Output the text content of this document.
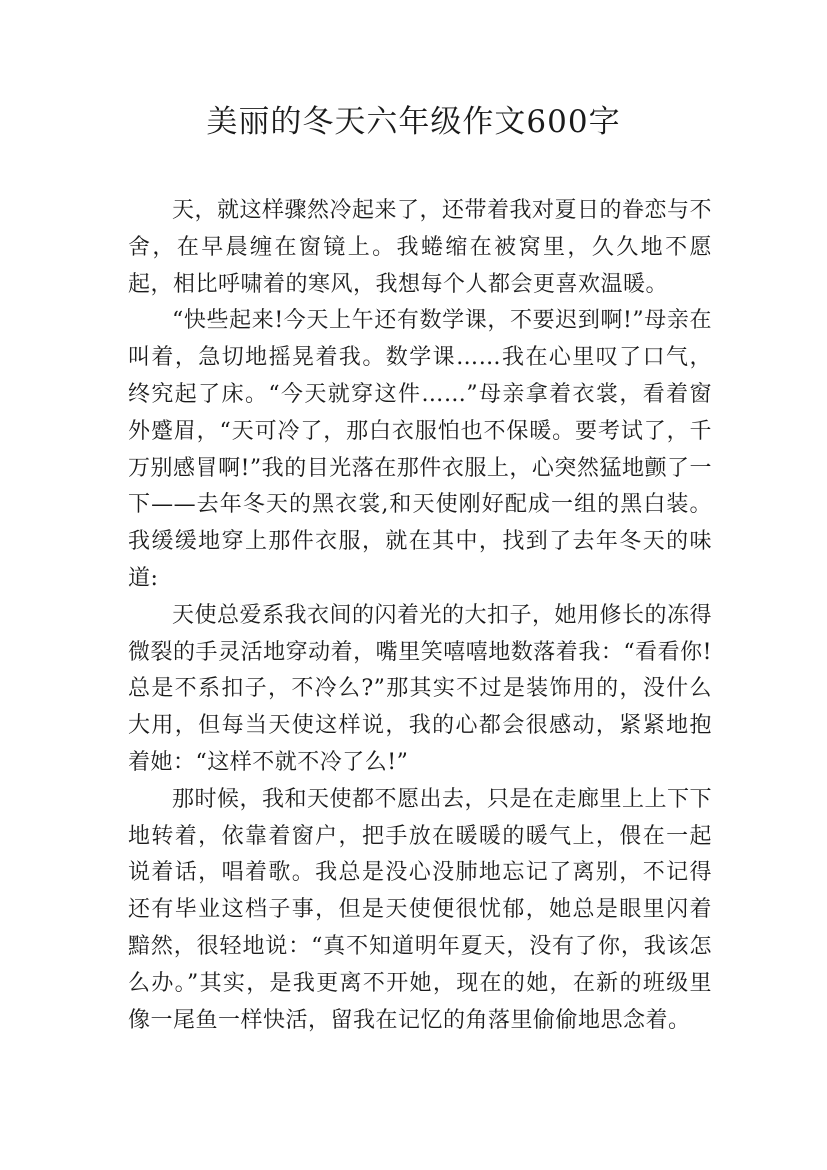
美丽的冬天六年级作文600字

天，就这样骤然冷起来了，还带着我对夏日的眷恋与不舍，在早晨缠在窗镜上。我蜷缩在被窝里，久久地不愿起，相比呼啸着的寒风，我想每个人都会更喜欢温暖。

“快些起来!今天上午还有数学课，不要迟到啊!”母亲在叫着，急切地摇晃着我。数学课……我在心里叹了口气，终究起了床。“今天就穿这件……”母亲拿着衣裳，看着窗外蹙眉，“天可冷了，那白衣服怕也不保暖。要考试了，千万别感冒啊!”我的目光落在那件衣服上，心突然猛地颤了一下——去年冬天的黑衣裳,和天使刚好配成一组的黑白装。我缓缓地穿上那件衣服，就在其中，找到了去年冬天的味道:

天使总爱系我衣间的闪着光的大扣子，她用修长的冻得微裂的手灵活地穿动着，嘴里笑嘻嘻地数落着我：“看看你!总是不系扣子，不冷么?”那其实不过是装饰用的，没什么大用，但每当天使这样说，我的心都会很感动，紧紧地抱着她：“这样不就不冷了么!”

那时候，我和天使都不愿出去，只是在走廊里上上下下地转着，依靠着窗户，把手放在暖暖的暖气上，偎在一起说着话，唱着歌。我总是没心没肺地忘记了离别，不记得还有毕业这档子事，但是天使便很忧郁，她总是眼里闪着黯然，很轻地说：“真不知道明年夏天，没有了你，我该怎么办。”其实，是我更离不开她，现在的她，在新的班级里像一尾鱼一样快活，留我在记忆的角落里偷偷地思念着。
